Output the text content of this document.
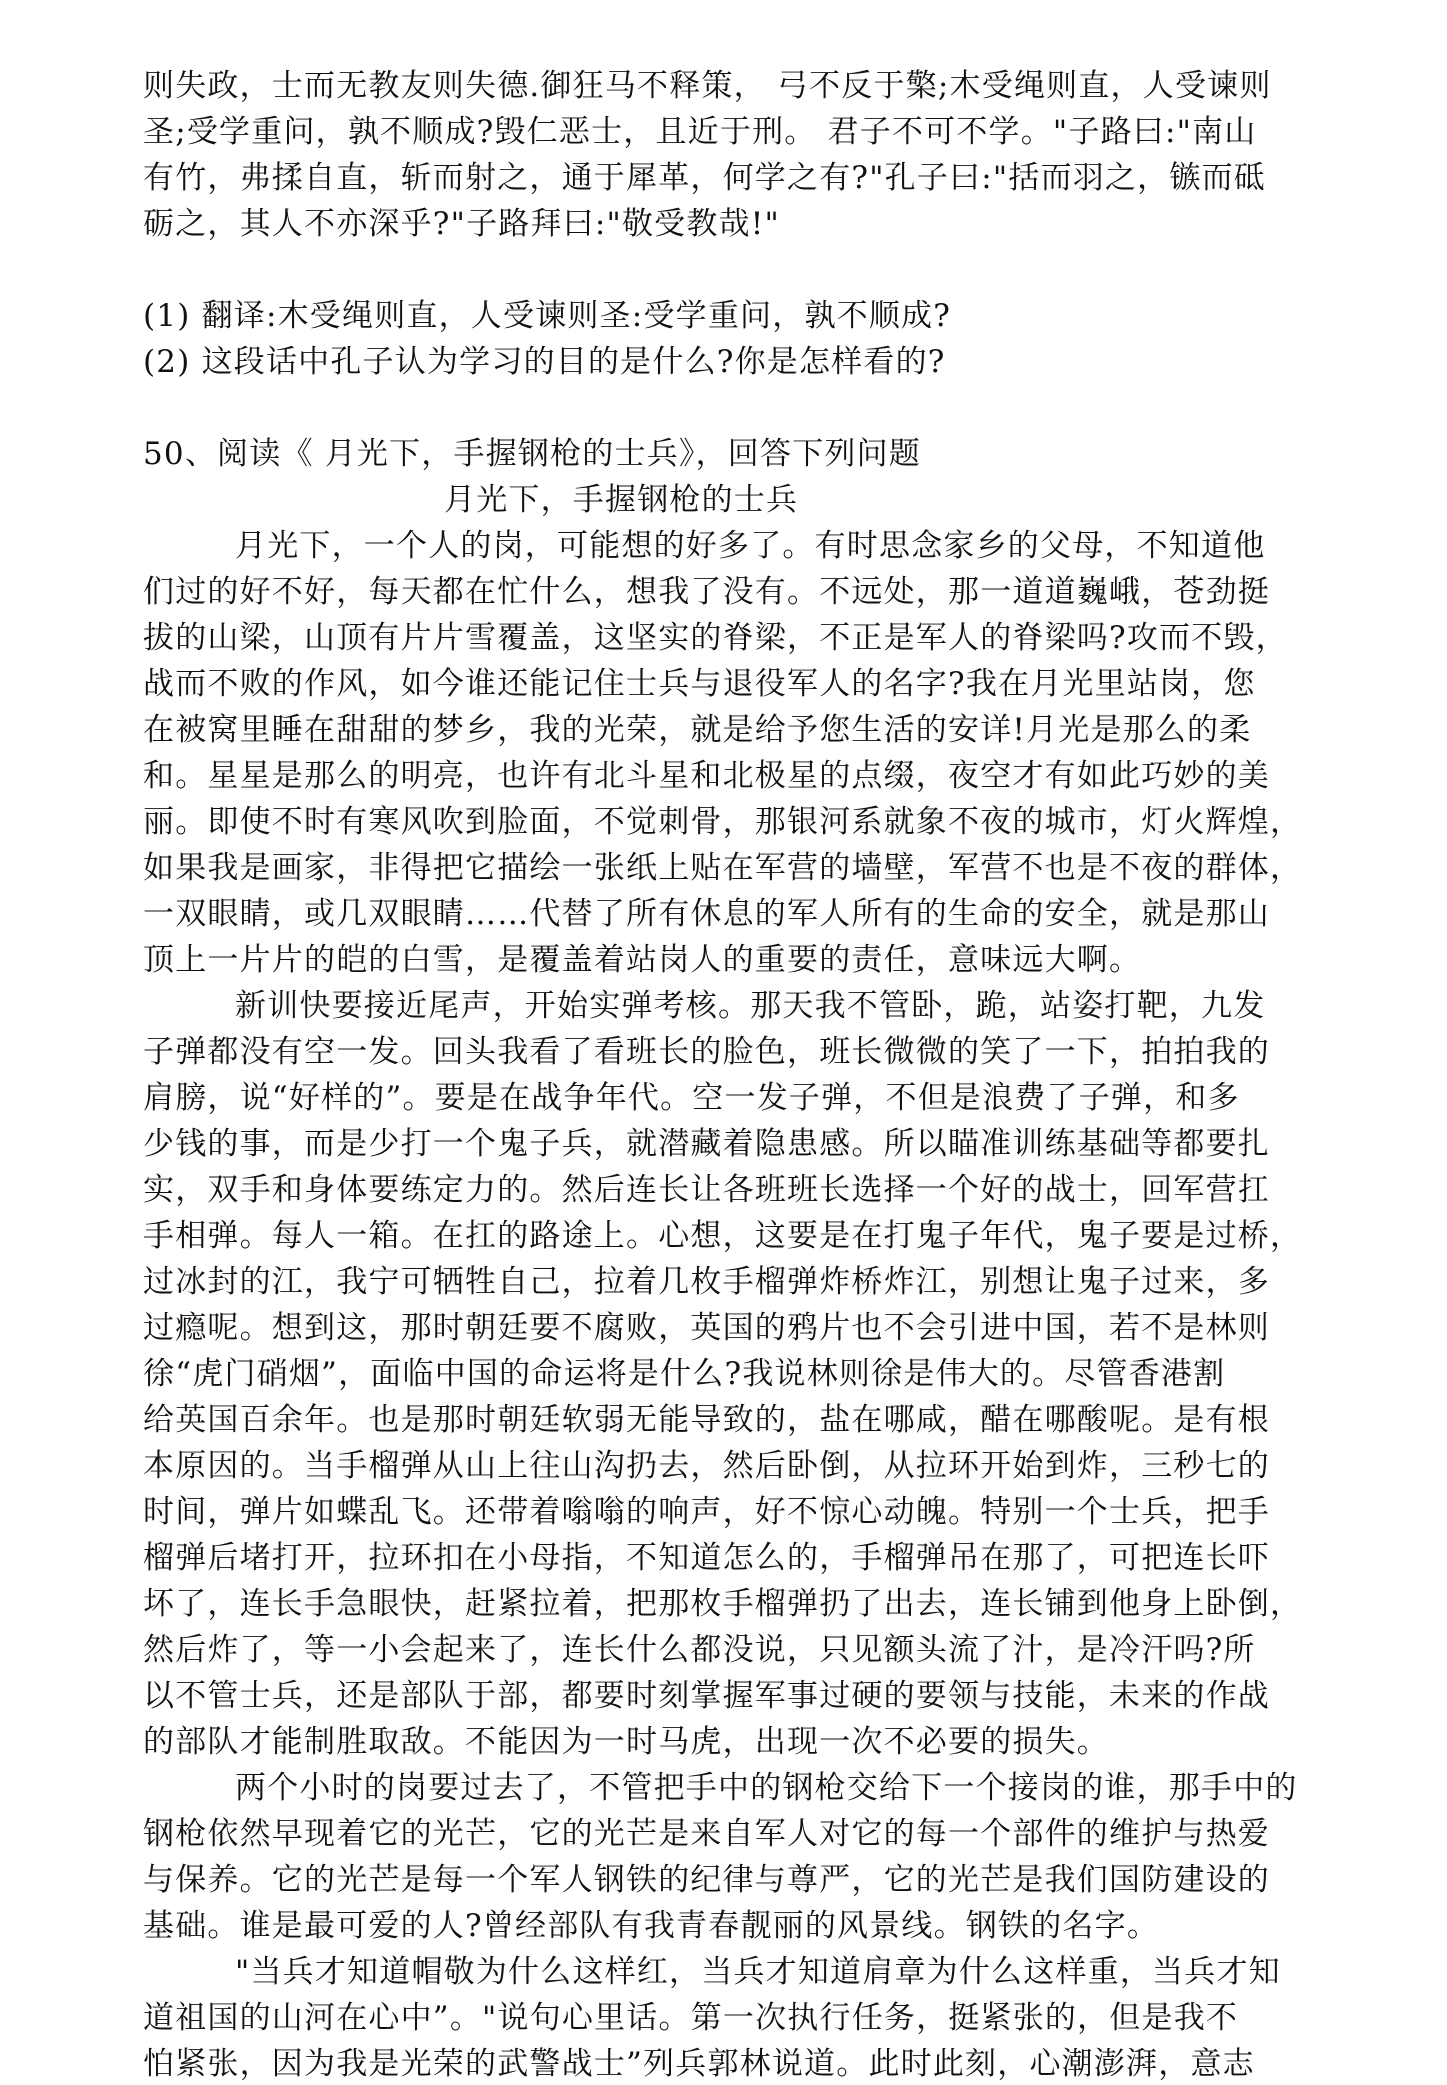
则失政，士而无教友则失德.御狂马不释策， 弓不反于檠;木受绳则直，人受谏则
圣;受学重问，孰不顺成?毁仁恶士，且近于刑。 君子不可不学。"子路曰:"南山
有竹，弗揉自直，斩而射之，通于犀革，何学之有?"孔子曰:"括而羽之，镞而砥
砺之，其人不亦深乎?"子路拜曰:"敬受教哉!"
(1) 翻译:木受绳则直，人受谏则圣:受学重问，孰不顺成?
(2) 这段话中孔子认为学习的目的是什么?你是怎样看的?
50、阅读《 月光下，手握钢枪的士兵》，回答下列问题
月光下，手握钢枪的士兵
月光下，一个人的岗，可能想的好多了。有时思念家乡的父母，不知道他
们过的好不好，每天都在忙什么，想我了没有。不远处，那一道道巍峨，苍劲挺
拔的山梁，山顶有片片雪覆盖，这坚实的脊梁，不正是军人的脊梁吗?攻而不毁，
战而不败的作风，如今谁还能记住士兵与退役军人的名字?我在月光里站岗，您
在被窝里睡在甜甜的梦乡，我的光荣，就是给予您生活的安详!月光是那么的柔
和。星星是那么的明亮，也许有北斗星和北极星的点缀，夜空才有如此巧妙的美
丽。即使不时有寒风吹到脸面，不觉刺骨，那银河系就象不夜的城市，灯火辉煌，
如果我是画家，非得把它描绘一张纸上贴在军营的墙壁，军营不也是不夜的群体，
一双眼睛，或几双眼睛……代替了所有休息的军人所有的生命的安全，就是那山
顶上一片片的皑的白雪，是覆盖着站岗人的重要的责任，意味远大啊。
新训快要接近尾声，开始实弹考核。那天我不管卧，跪，站姿打靶，九发
子弹都没有空一发。回头我看了看班长的脸色，班长微微的笑了一下，拍拍我的
肩膀，说“好样的”。要是在战争年代。空一发子弹，不但是浪费了子弹，和多
少钱的事，而是少打一个鬼子兵，就潜藏着隐患感。所以瞄准训练基础等都要扎
实，双手和身体要练定力的。然后连长让各班班长选择一个好的战士，回军营扛
手相弹。每人一箱。在扛的路途上。心想，这要是在打鬼子年代，鬼子要是过桥，
过冰封的江，我宁可牺牲自己，拉着几枚手榴弹炸桥炸江，别想让鬼子过来，多
过瘾呢。想到这，那时朝廷要不腐败，英国的鸦片也不会引进中国，若不是林则
徐“虎门硝烟”，面临中国的命运将是什么?我说林则徐是伟大的。尽管香港割
给英国百余年。也是那时朝廷软弱无能导致的，盐在哪咸，醋在哪酸呢。是有根
本原因的。当手榴弹从山上往山沟扔去，然后卧倒，从拉环开始到炸，三秒七的
时间，弹片如蝶乱飞。还带着嗡嗡的响声，好不惊心动魄。特别一个士兵，把手
榴弹后堵打开，拉环扣在小母指，不知道怎么的，手榴弹吊在那了，可把连长吓
坏了，连长手急眼快，赶紧拉着，把那枚手榴弹扔了出去，连长铺到他身上卧倒，
然后炸了，等一小会起来了，连长什么都没说，只见额头流了汁，是冷汗吗?所
以不管士兵，还是部队于部，都要时刻掌握军事过硬的要领与技能，未来的作战
的部队才能制胜取敌。不能因为一时马虎，出现一次不必要的损失。
两个小时的岗要过去了，不管把手中的钢枪交给下一个接岗的谁，那手中的
钢枪依然早现着它的光芒，它的光芒是来自军人对它的每一个部件的维护与热爱
与保养。它的光芒是每一个军人钢铁的纪律与尊严，它的光芒是我们国防建设的
基础。谁是最可爱的人?曾经部队有我青春靓丽的风景线。钢铁的名字。
"当兵才知道帽敬为什么这样红，当兵才知道肩章为什么这样重，当兵才知
道祖国的山河在心中”。"说句心里话。第一次执行任务，挺紧张的，但是我不
怕紧张，因为我是光荣的武警战士”列兵郭林说道。此时此刻，心潮澎湃，意志
